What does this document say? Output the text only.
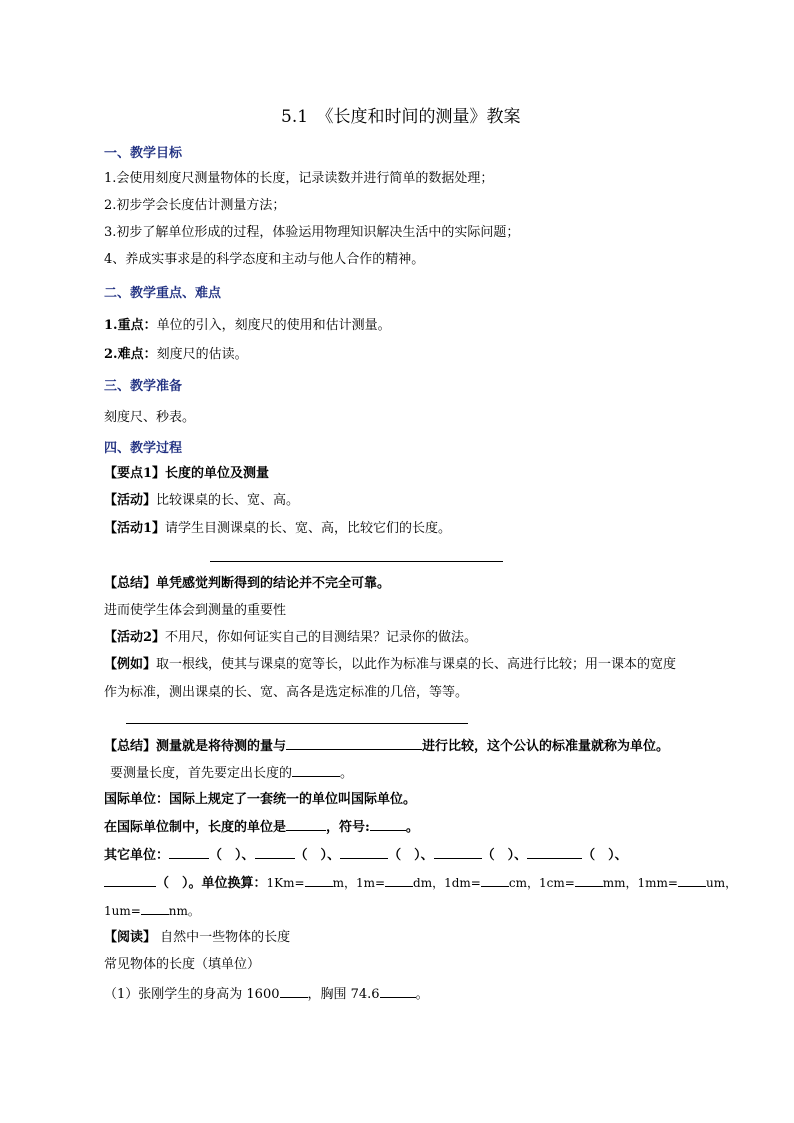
5.1　《长度和时间的测量》教案
一、教学目标
1.会使用刻度尺测量物体的长度，记录读数并进行简单的数据处理；
2.初步学会长度估计测量方法；
3.初步了解单位形成的过程，体验运用物理知识解决生活中的实际问题；
4、养成实事求是的科学态度和主动与他人合作的精神。
二、教学重点、难点
1.重点：单位的引入，刻度尺的使用和估计测量。
2.难点：刻度尺的估读。
三、教学准备
刻度尺、秒表。
四、教学过程
【要点1】长度的单位及测量
【活动】比较课桌的长、宽、高。
【活动1】请学生目测课桌的长、宽、高，比较它们的长度。
【总结】单凭感觉判断得到的结论并不完全可靠。
进而使学生体会到测量的重要性
【活动2】不用尺，你如何证实自己的目测结果？记录你的做法。
【例如】取一根线，使其与课桌的宽等长，以此作为标准与课桌的长、高进行比较；用一课本的宽度
作为标准，测出课桌的长、宽、高各是选定标准的几倍，等等。
【总结】测量就是将待测的量与	进行比较，这个公认的标准量就称为单位。
要测量长度，首先要定出长度的	。
国际单位：国际上规定了一套统一的单位叫国际单位。
在国际单位制中，长度的单位是	，符号:	。
其它单位：	（　）、	（　）、	（　）、	（　）、	（　）、
（　）。单位换算：1Km= m，1m= dm，1dm= cm，1cm= mm，1mm= um，
1um= nm。
【阅读】 自然中一些物体的长度
常见物体的长度（填单位）
（1）张刚学生的身高为 1600 ，胸围 74.6	。
